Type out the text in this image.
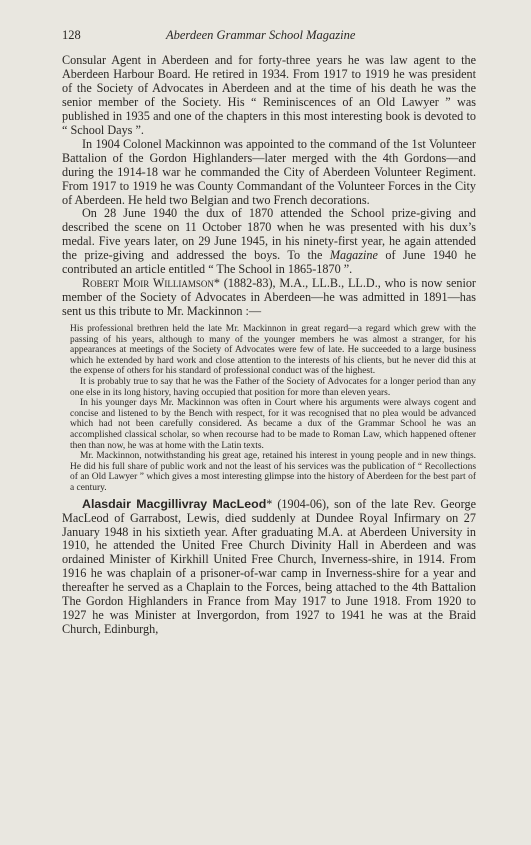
128	Aberdeen Grammar School Magazine

Consular Agent in Aberdeen and for forty-three years he was law agent to the Aberdeen Harbour Board. He retired in 1934. From 1917 to 1919 he was president of the Society of Advocates in Aberdeen and at the time of his death he was the senior member of the Society. His “ Reminiscences of an Old Lawyer ” was published in 1935 and one of the chapters in this most interesting book is devoted to “ School Days ”.

In 1904 Colonel Mackinnon was appointed to the command of the 1st Volunteer Battalion of the Gordon Highlanders—later merged with the 4th Gordons—and during the 1914-18 war he commanded the City of Aberdeen Volunteer Regiment. From 1917 to 1919 he was County Commandant of the Volunteer Forces in the City of Aberdeen. He held two Belgian and two French decorations.

On 28 June 1940 the dux of 1870 attended the School prize-giving and described the scene on 11 October 1870 when he was presented with his dux’s medal. Five years later, on 29 June 1945, in his ninety-first year, he again attended the prize-giving and addressed the boys. To the Magazine of June 1940 he contributed an article entitled “ The School in 1865-1870 ”.

Robert Moir Williamson* (1882-83), M.A., LL.B., LL.D., who is now senior member of the Society of Advocates in Aberdeen—he was admitted in 1891—has sent us this tribute to Mr. Mackinnon :—

His professional brethren held the late Mr. Mackinnon in great regard—a regard which grew with the passing of his years, although to many of the younger members he was almost a stranger, for his appearances at meetings of the Society of Advocates were few of late. He succeeded to a large business which he extended by hard work and close attention to the interests of his clients, but he never did this at the expense of others for his standard of professional conduct was of the highest.

It is probably true to say that he was the Father of the Society of Advocates for a longer period than any one else in its long history, having occupied that position for more than eleven years.

In his younger days Mr. Mackinnon was often in Court where his arguments were always cogent and concise and listened to by the Bench with respect, for it was recognised that no plea would be advanced which had not been carefully considered. As became a dux of the Grammar School he was an accomplished classical scholar, so when recourse had to be made to Roman Law, which happened oftener then than now, he was at home with the Latin texts.

Mr. Mackinnon, notwithstanding his great age, retained his interest in young people and in new things. He did his full share of public work and not the least of his services was the publication of “ Recollections of an Old Lawyer ” which gives a most interesting glimpse into the history of Aberdeen for the best part of a century.

Alasdair Macgillivray MacLeod* (1904-06), son of the late Rev. George MacLeod of Garrabost, Lewis, died suddenly at Dundee Royal Infirmary on 27 January 1948 in his sixtieth year. After graduating M.A. at Aberdeen University in 1910, he attended the United Free Church Divinity Hall in Aberdeen and was ordained Minister of Kirkhill United Free Church, Inverness-shire, in 1914. From 1916 he was chaplain of a prisoner-of-war camp in Inverness-shire for a year and thereafter he served as a Chaplain to the Forces, being attached to the 4th Battalion The Gordon Highlanders in France from May 1917 to June 1918. From 1920 to 1927 he was Minister at Invergordon, from 1927 to 1941 he was at the Braid Church, Edinburgh,
